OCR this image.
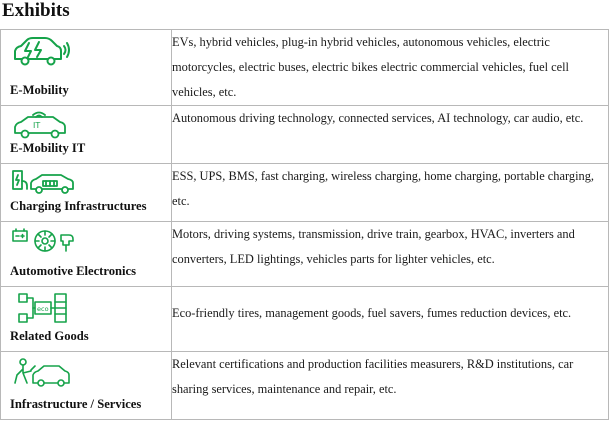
Exhibits
E-Mobility	EVs, hybrid vehicles, plug-in hybrid vehicles, autonomous vehicles, electric motorcycles, electric buses, electric bikes electric commercial vehicles, fuel cell vehicles, etc.

IT
E-Mobility IT	Autonomous driving technology, connected services, AI technology, car audio, etc.

Charging Infrastructures	ESS, UPS, BMS, fast charging, wireless charging, home charging, portable charging, etc.

Automotive Electronics	Motors, driving systems, transmission, drive train, gearbox, HVAC, inverters and converters, LED lightings, vehicles parts for lighter vehicles, etc.

eco
Related Goods	Eco-friendly tires, management goods, fuel savers, fumes reduction devices, etc.

Infrastructure / Services	Relevant certifications and production facilities measurers, R&D institutions, car sharing services, maintenance and repair, etc.
